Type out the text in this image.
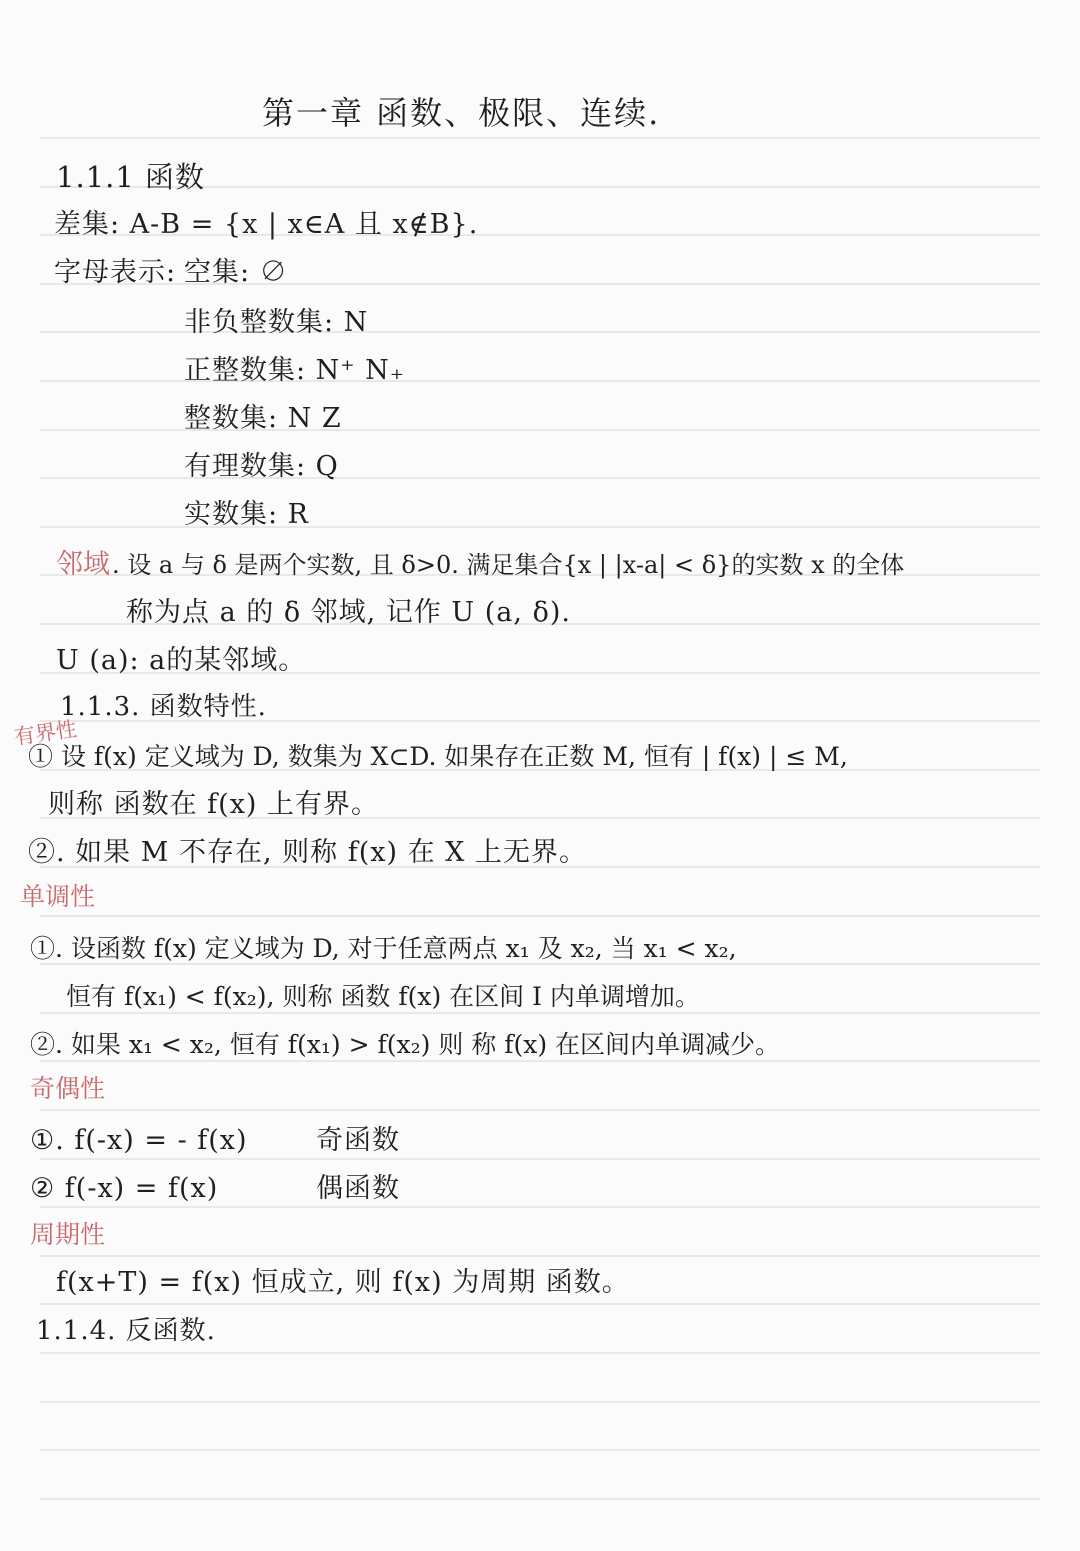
第一章 函数、极限、连续.
1.1.1 函数
差集: A-B = {x | x∈A 且 x∉B}.
字母表示: 空集: ∅
非负整数集: N
正整数集: N⁺ N₊
整数集: N Z
有理数集: Q
实数集: R
邻域 . 设 a 与 δ 是两个实数, 且 δ>0. 满足集合{x | |x-a| < δ}的实数 x 的全体
称为点 a 的 δ 邻域, 记作 U (a, δ).
U (a): a的某邻域。
1.1.3. 函数特性.
有界性
① 设 f(x) 定义域为 D, 数集为 X⊂D. 如果存在正数 M, 恒有 | f(x) | ≤ M,
则称 函数在 f(x) 上有界。
②. 如果 M 不存在, 则称 f(x) 在 X 上无界。
单调性
①. 设函数 f(x) 定义域为 D, 对于任意两点 x₁ 及 x₂, 当 x₁ < x₂,
恒有 f(x₁) < f(x₂), 则称 函数 f(x) 在区间 I 内单调增加。
②. 如果 x₁ < x₂, 恒有 f(x₁) > f(x₂) 则 称 f(x) 在区间内单调减少。
奇偶性
①. f(-x) = - f(x)	奇函数
② f(-x) = f(x)	偶函数
周期性
f(x+T) = f(x) 恒成立, 则 f(x) 为周期 函数。
1.1.4. 反函数.
